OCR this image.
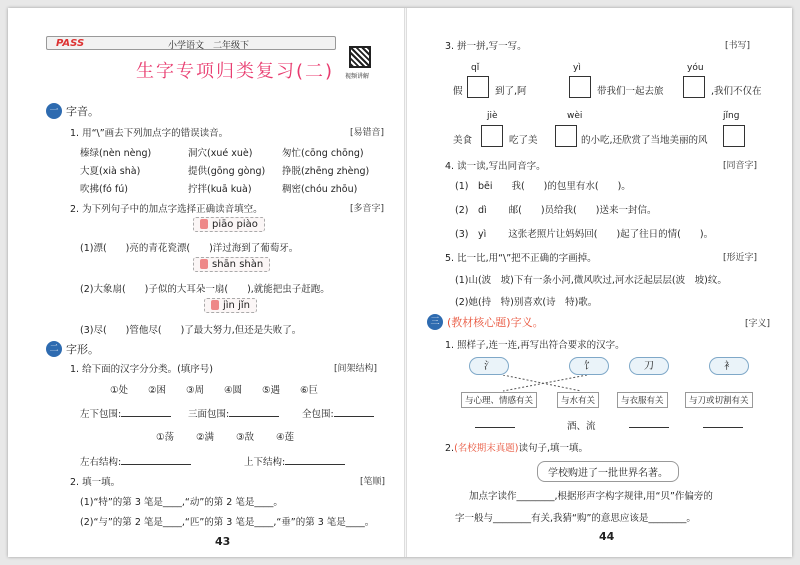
PASS	小学语文　二年级下
视频讲解
生字专项归类复习(二)
一 字音。
1. 用“\”画去下列加点字的错误读音。	[易错音]
榛绿(nèn nèng)	洞穴(xué xuè)	匆忙(cōng chōng)
大夏(xià shà)	提供(gōng gòng) 挣脱(zhēng zhèng)
吹拂(fó fú)	拧拌(kuā kuà)	稠密(chóu zhōu)
2. 为下列句子中的加点字选择正确读音填空。	[多音字]
piāo piào
(1)漂(　　)亮的青花瓷漂(　　)洋过海到了葡萄牙。
shān shàn
(2)大象扇(　　)子似的大耳朵一扇(　　),就能把虫子赶跑。
jìn jǐn
(3)尽(　　)管他尽(　　)了最大努力,但还是失败了。
二 字形。
1. 给下面的汉字分分类。(填序号)	[间架结构]
①处 ②困 ③周 ④圆 ⑤遇 ⑥巨
左下包围:	三面包围:	全包围:
①荡 ②满 ③敌 ④莲
左右结构:	上下结构:
2. 填一填。	[笔顺]
(1)“特”的第 3 笔是____,“动”的第 2 笔是____。
(2)“与”的第 2 笔是____,“匹”的第 3 笔是____,“垂”的第 3 笔是____。
43
3. 拼一拼,写一写。	[书写]
qǐ	yì	yóu
假	到了,阿	带我们一起去旅	,我们不仅在
jiè	wèi	jǐng
美食	吃了美	的小吃,还欣赏了当地美丽的风
4. 读一读,写出同音字。	[同音字]
(1)　bēi　　我(　　)的包里有水(　　)。
(2)　dì　　 邮(　　)员给我(　　)送来一封信。
(3)　yì　　 这张老照片让妈妈回(　　)起了往日的情(　　)。
5. 比一比,用“\”把不正确的字画掉。	[形近字]
(1)山(波　坡)下有一条小河,微风吹过,河水泛起层层(波　坡)纹。
(2)她(持　特)别喜欢(诗　特)歌。
三 (教材核心题)字义。	[字义]
1. 照样子,连一连,再写出符合要求的汉字。
氵	饣	刀	衤
与心理、情感有关	与水有关	与衣服有关	与刀或切割有关
酒、流
2.(名校期末真题)读句子,填一填。
学校购进了一批世界名著。
加点字读作________,根据形声字构字规律,用“贝”作偏旁的
字一般与________有关,我猜“购”的意思应该是________。
44
